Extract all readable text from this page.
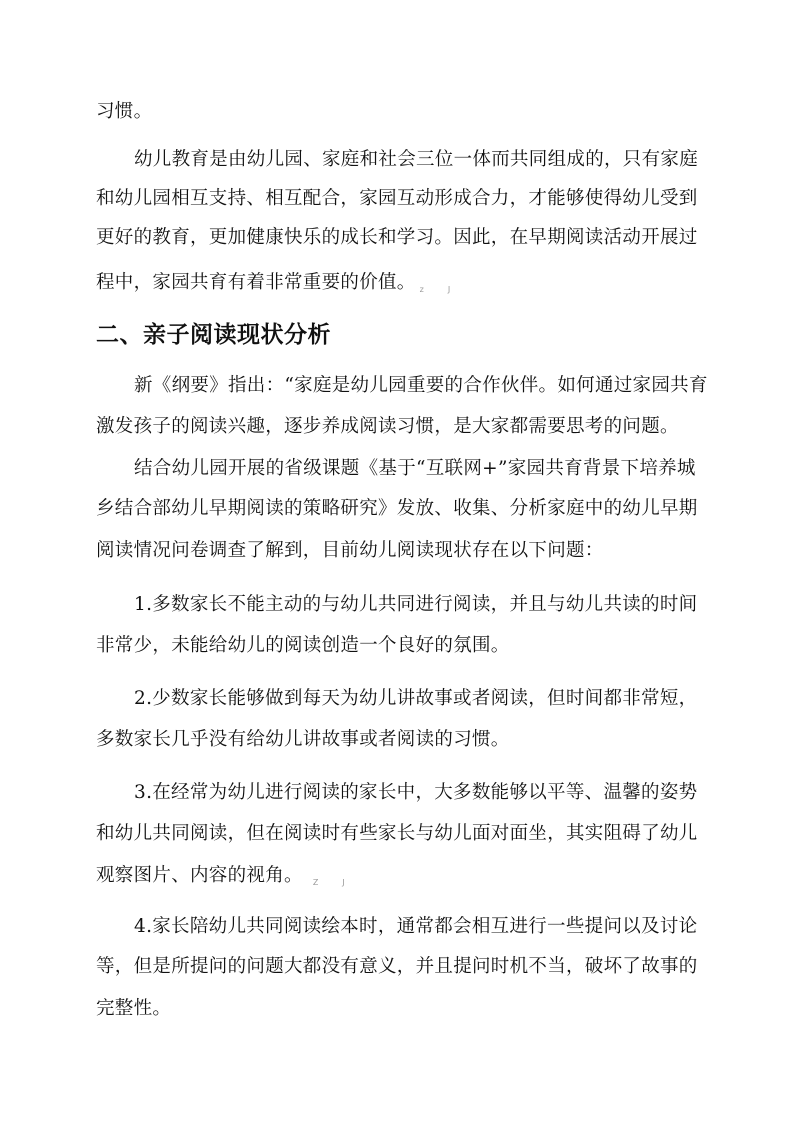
习惯。
幼儿教育是由幼儿园、家庭和社会三位一体而共同组成的，只有家庭
和幼儿园相互支持、相互配合，家园互动形成合力，才能够使得幼儿受到
更好的教育，更加健康快乐的成长和学习。因此，在早期阅读活动开展过
程中，家园共育有着非常重要的价值。 $_z$	$_J$
二、亲子阅读现状分析
新《纲要》指出：“家庭是幼儿园重要的合作伙伴。如何通过家园共育
激发孩子的阅读兴趣，逐步养成阅读习惯，是大家都需要思考的问题。
结合幼儿园开展的省级课题《基于“互联网+”家园共育背景下培养城
乡结合部幼儿早期阅读的策略研究》发放、收集、分析家庭中的幼儿早期
阅读情况问卷调查了解到，目前幼儿阅读现状存在以下问题：
1.多数家长不能主动的与幼儿共同进行阅读，并且与幼儿共读的时间
非常少，未能给幼儿的阅读创造一个良好的氛围。
2.少数家长能够做到每天为幼儿讲故事或者阅读，但时间都非常短，
多数家长几乎没有给幼儿讲故事或者阅读的习惯。
3.在经常为幼儿进行阅读的家长中，大多数能够以平等、温馨的姿势
和幼儿共同阅读，但在阅读时有些家长与幼儿面对面坐，其实阻碍了幼儿
观察图片、内容的视角。 $_Z$	$_J$
4.家长陪幼儿共同阅读绘本时，通常都会相互进行一些提问以及讨论
等，但是所提问的问题大都没有意义，并且提问时机不当，破坏了故事的
完整性。
